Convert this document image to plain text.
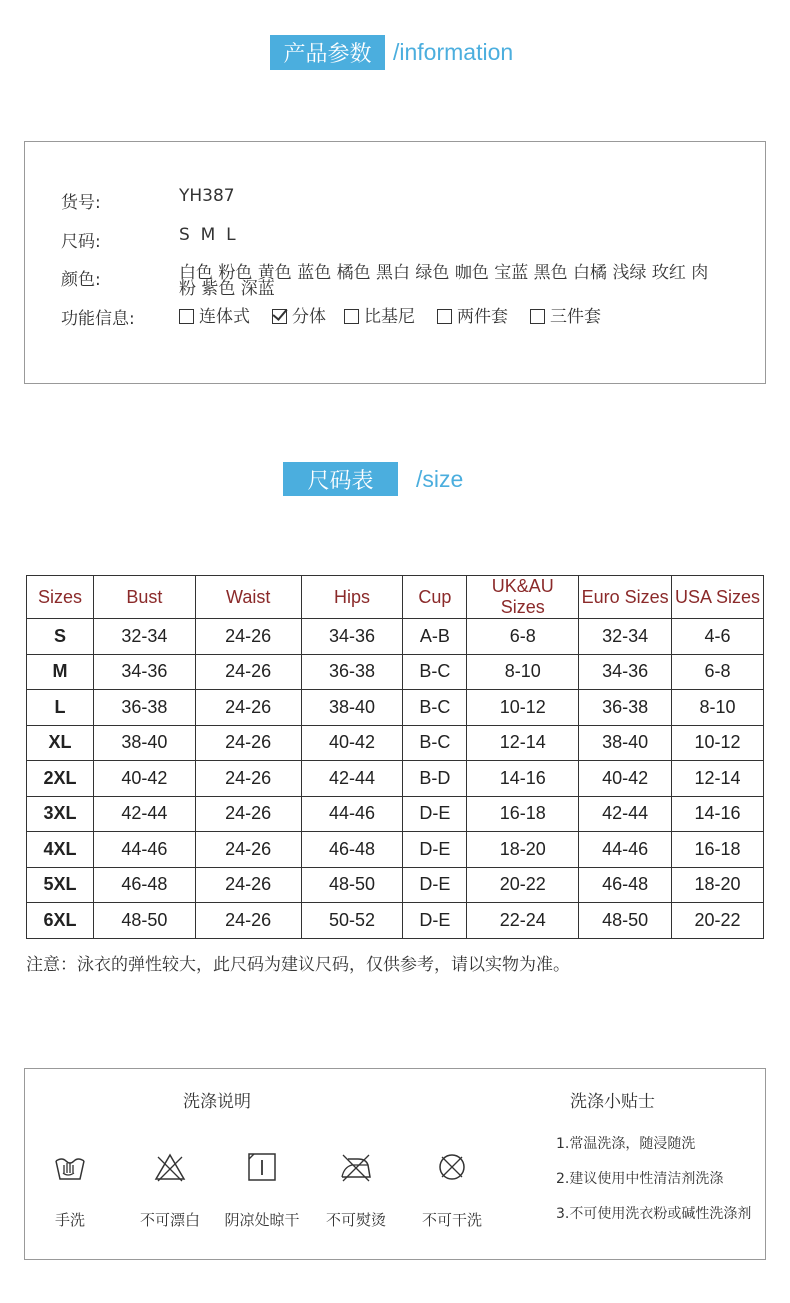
产品参数 /information
货号:	YH387
尺码:	S  M  L
颜色:	白色 粉色 黄色 蓝色 橘色 黑白 绿色 咖色 宝蓝 黑色 白橘 浅绿 玫红 肉粉 紫色 深蓝
功能信息:	连体式 分体 比基尼 两件套 三件套
尺码表 /size
Sizes	Bust	Waist	Hips	Cup	UK&AU Sizes	Euro Sizes	USA Sizes
S	32-34	24-26	34-36	A-B	6-8	32-34	4-6
M	34-36	24-26	36-38	B-C	8-10	34-36	6-8
L	36-38	24-26	38-40	B-C	10-12	36-38	8-10
XL	38-40	24-26	40-42	B-C	12-14	38-40	10-12
2XL	40-42	24-26	42-44	B-D	14-16	40-42	12-14
3XL	42-44	24-26	44-46	D-E	16-18	42-44	14-16
4XL	44-46	24-26	46-48	D-E	18-20	44-46	16-18
5XL	46-48	24-26	48-50	D-E	20-22	46-48	18-20
6XL	48-50	24-26	50-52	D-E	22-24	48-50	20-22
注意：泳衣的弹性较大，此尺码为建议尺码，仅供参考，请以实物为准。
洗涤说明	洗涤小贴士
手洗	不可漂白	阴凉处晾干	不可熨烫	不可干洗
1.常温洗涤，随浸随洗
2.建议使用中性清洁剂洗涤
3.不可使用洗衣粉或碱性洗涤剂
